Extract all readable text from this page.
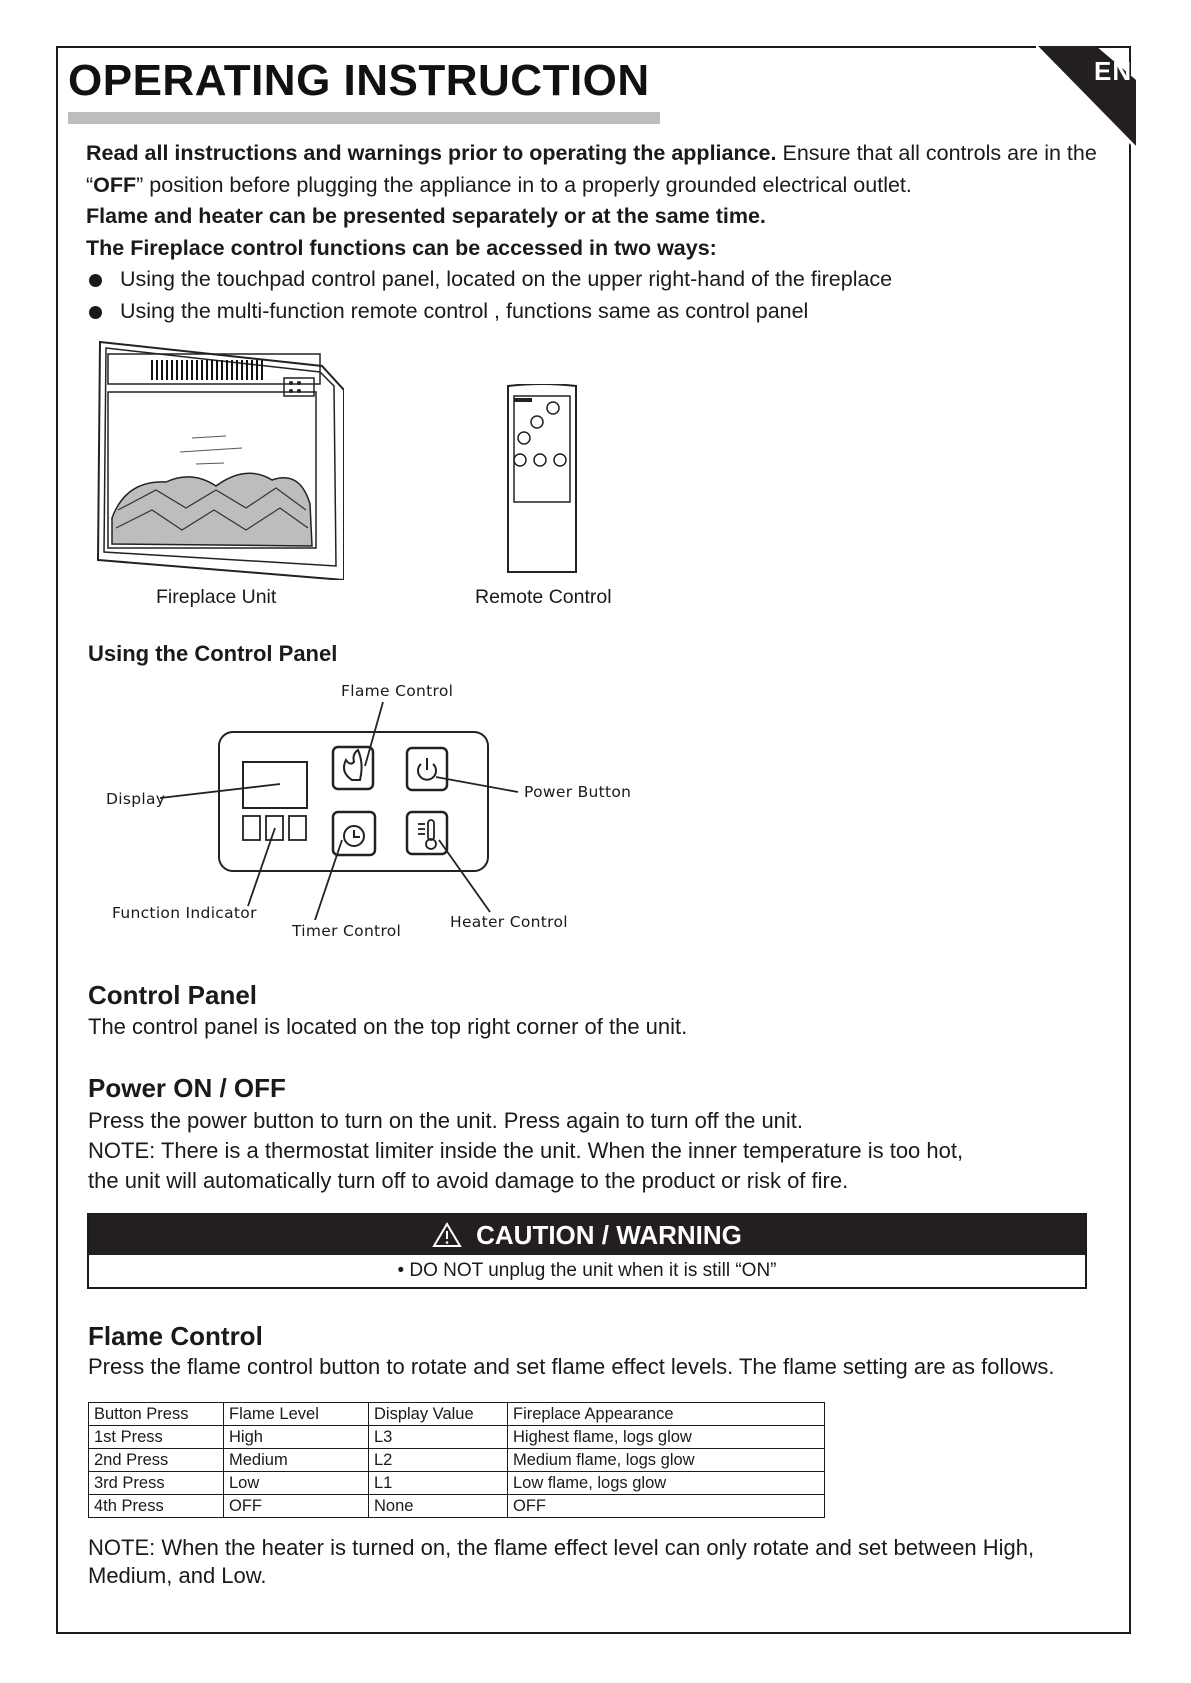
EN
OPERATING INSTRUCTION

Read all instructions and warnings prior to operating the appliance. Ensure that all controls are in the “OFF” position before plugging the appliance in to a properly grounded electrical outlet.

Flame and heater can be presented separately or at the same time.

The Fireplace control functions can be accessed in two ways:

Using the touchpad control panel, located on the upper right-hand of the fireplace

Using the multi-function remote control , functions same as control panel

Fireplace Unit	Remote Control
Using the Control Panel
Flame Control
Display	Power Button
Function Indicator
Timer Control	Heater Control
Control Panel

The control panel is located on the top right corner of the unit.

Power ON / OFF

Press the power button to turn on the unit. Press again to turn off the unit.

NOTE: There is a thermostat limiter inside the unit. When the inner temperature is too hot,

the unit will automatically turn off to avoid damage to the product or risk of fire.

CAUTION / WARNING
• DO NOT unplug the unit when it is still “ON”
Flame Control

Press the flame control button to rotate and set flame effect levels. The flame setting are as follows.

Button Press	Flame Level	Display Value	Fireplace Appearance
1st Press	High	L3	Highest flame, logs glow
2nd Press	Medium	L2	Medium flame, logs glow
3rd Press	Low	L1	Low flame, logs glow
4th Press	OFF	None	OFF

NOTE: When the heater is turned on, the flame effect level can only rotate and set between High,

Medium, and Low.
